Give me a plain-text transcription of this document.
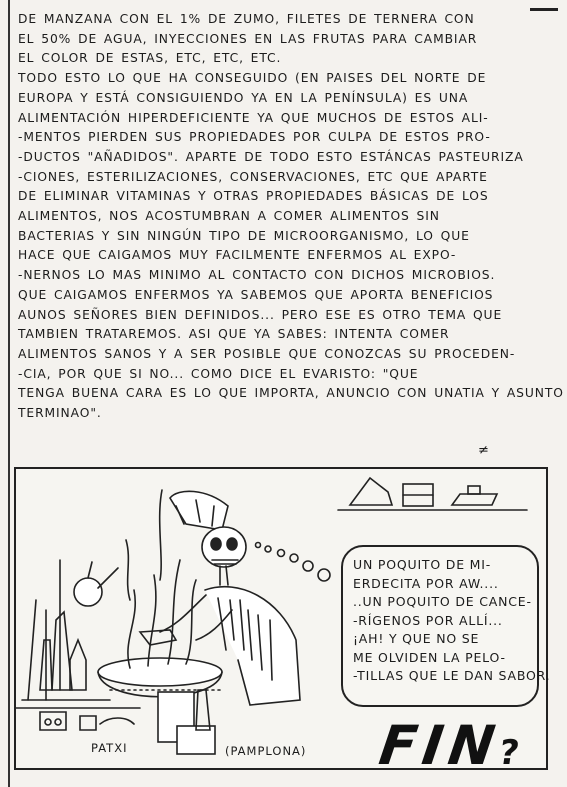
DE MANZANA CON EL 1% DE ZUMO, FILETES DE TERNERA CON
EL 50% DE AGUA, INYECCIONES EN LAS FRUTAS PARA CAMBIAR
EL COLOR DE ESTAS, ETC, ETC, ETC.
TODO ESTO LO QUE HA CONSEGUIDO (EN PAISES DEL NORTE DE
EUROPA Y ESTÁ CONSIGUIENDO YA EN LA PENÍNSULA) ES UNA
ALIMENTACIÓN HIPERDEFICIENTE YA QUE MUCHOS DE ESTOS ALI-
-MENTOS PIERDEN SUS PROPIEDADES POR CULPA DE ESTOS PRO-
-DUCTOS "AÑADIDOS". APARTE DE TODO ESTO ESTÁNCAS PASTEURIZA
-CIONES, ESTERILIZACIONES, CONSERVACIONES, ETC QUE APARTE
DE ELIMINAR VITAMINAS Y OTRAS PROPIEDADES BÁSICAS DE LOS
ALIMENTOS, NOS ACOSTUMBRAN A COMER ALIMENTOS SIN
BACTERIAS Y SIN NINGÚN TIPO DE MICROORGANISMO, LO QUE
HACE QUE CAIGAMOS MUY FACILMENTE ENFERMOS AL EXPO-
-NERNOS LO MAS MINIMO AL CONTACTO CON DICHOS MICROBIOS.
QUE CAIGAMOS ENFERMOS YA SABEMOS QUE APORTA BENEFICIOS
AUNOS SEÑORES BIEN DEFINIDOS... PERO ESE ES OTRO TEMA QUE
TAMBIEN TRATAREMOS. ASI QUE YA SABES: INTENTA COMER
ALIMENTOS SANOS Y A SER POSIBLE QUE CONOZCAS SU PROCEDEN-
-CIA, POR QUE SI NO... COMO DICE EL EVARISTO: "QUE
TENGA BUENA CARA ES LO QUE IMPORTA, ANUNCIO CON UNATIA Y ASUNTO
TERMINAO".
≠
UN POQUITO DE MI-
ERDECITA POR AW....
..UN POQUITO DE CANCE-
-RÍGENOS POR ALLÍ...
¡AH! Y QUE NO SE
ME OLVIDEN LA PELO-
-TILLAS QUE LE DAN SABOR.
PATXI	(PAMPLONA) FIN?
